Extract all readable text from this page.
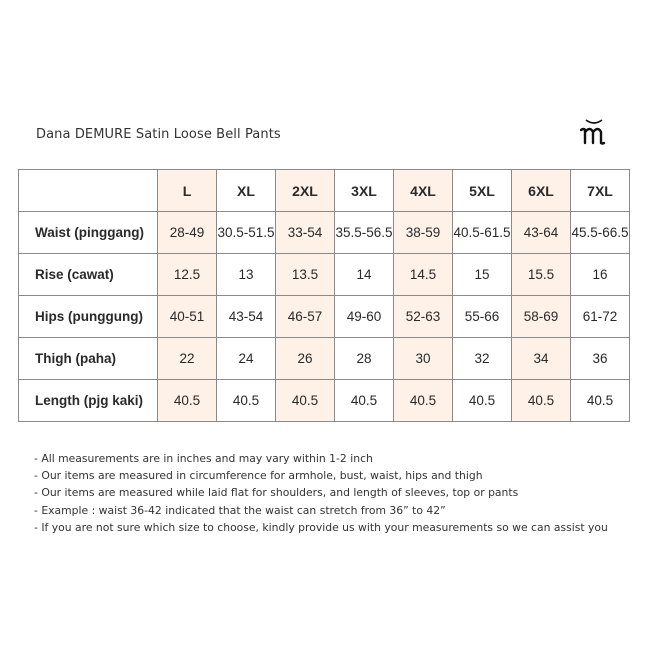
Dana DEMURE Satin Loose Bell Pants
	L	XL	2XL	3XL	4XL	5XL	6XL	7XL
Waist (pinggang)	28-49	30.5-51.5	33-54	35.5-56.5	38-59	40.5-61.5	43-64	45.5-66.5
Rise (cawat)	12.5	13	13.5	14	14.5	15	15.5	16
Hips (punggung)	40-51	43-54	46-57	49-60	52-63	55-66	58-69	61-72
Thigh (paha)	22	24	26	28	30	32	34	36
Length (pjg kaki)	40.5	40.5	40.5	40.5	40.5	40.5	40.5	40.5
- All measurements are in inches and may vary within 1-2 inch
- Our items are measured in circumference for armhole, bust, waist, hips and thigh
- Our items are measured while laid flat for shoulders, and length of sleeves, top or pants
- Example : waist 36-42 indicated that the waist can stretch from 36” to 42”
- If you are not sure which size to choose, kindly provide us with your measurements so we can assist you
